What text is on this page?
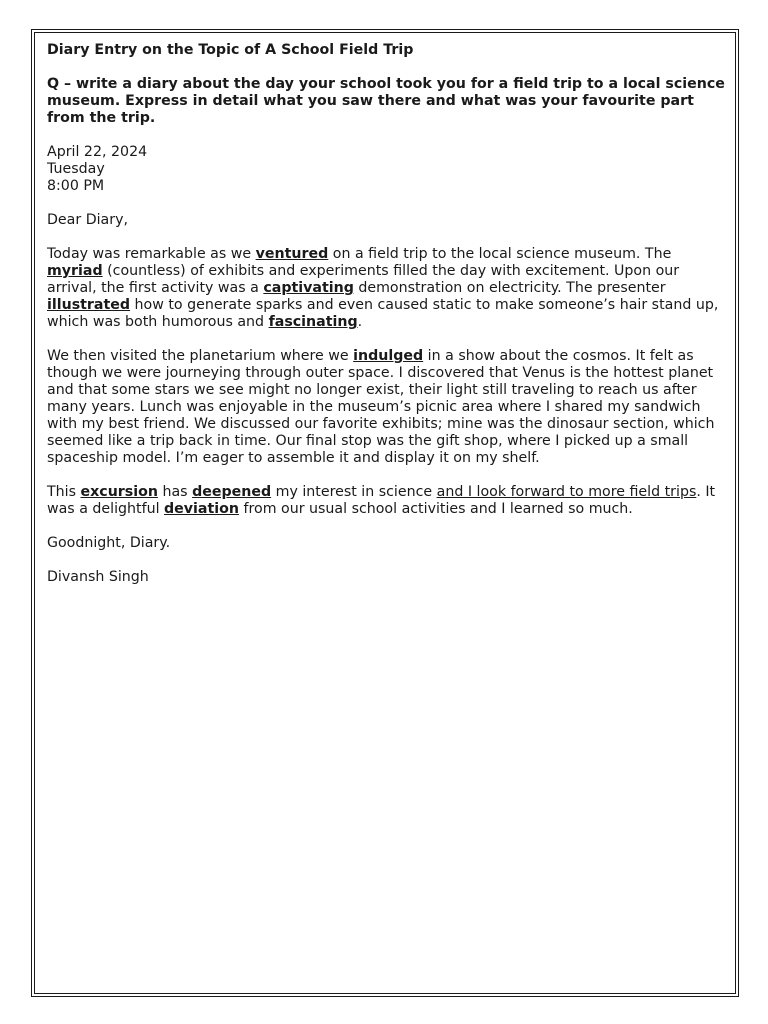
Diary Entry on the Topic of A School Field Trip

Q – write a diary about the day your school took you for a field trip to a local science museum. Express in detail what you saw there and what was your favourite part from the trip.

April 22, 2024
Tuesday
8:00 PM

Dear Diary,

Today was remarkable as we ventured on a field trip to the local science museum. The myriad (countless) of exhibits and experiments filled the day with excitement. Upon our arrival, the first activity was a captivating demonstration on electricity. The presenter illustrated how to generate sparks and even caused static to make someone’s hair stand up, which was both humorous and fascinating.

We then visited the planetarium where we indulged in a show about the cosmos. It felt as though we were journeying through outer space. I discovered that Venus is the hottest planet and that some stars we see might no longer exist, their light still traveling to reach us after many years. Lunch was enjoyable in the museum’s picnic area where I shared my sandwich with my best friend. We discussed our favorite exhibits; mine was the dinosaur section, which seemed like a trip back in time. Our final stop was the gift shop, where I picked up a small spaceship model. I’m eager to assemble it and display it on my shelf.

This excursion has deepened my interest in science and I look forward to more field trips. It was a delightful deviation from our usual school activities and I learned so much.

Goodnight, Diary.

Divansh Singh
